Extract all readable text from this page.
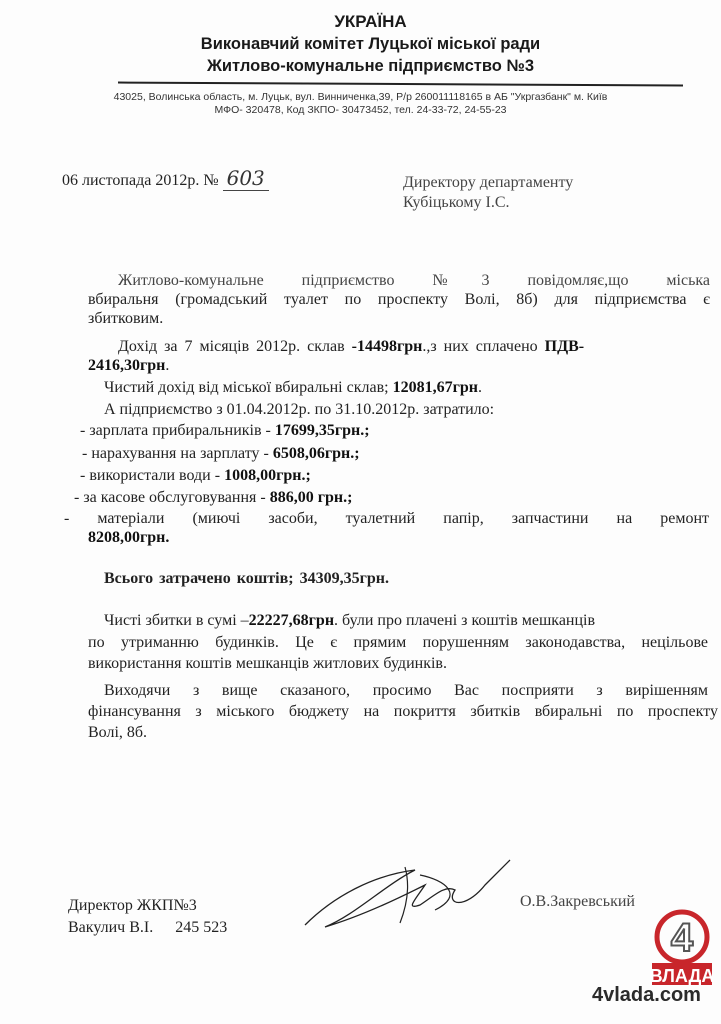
УКРАЇНА
Виконавчий комітет Луцької міської ради
Житлово-комунальне підприємство №3
43025, Волинська область, м. Луцьк, вул. Винниченка,39, Р/р 260011118165 в АБ "Укргазбанк" м. Київ
МФО- 320478, Код ЗКПО- 30473452, тел. 24-33-72, 24-55-23
06 листопада 2012р. № 603	Директору департаменту
Кубіцькому І.С.
Житлово-комунальне підприємство №3 повідомляє,що міська
вбиральня (громадський туалет по проспекту Волі, 8б) для підприємства є
збитковим.
Дохід за 7 місяців 2012р. склав -14498грн.,з них сплачено ПДВ-
2416,30грн.
Чистий дохід від міської вбиральні склав; 12081,67грн.
А підприємство з 01.04.2012р. по 31.10.2012р. затратило:
- зарплата прибиральників - 17699,35грн.;
- нарахування на зарплату - 6508,06грн.;
- використали води - 1008,00грн.;
- за касове обслуговування - 886,00 грн.;
- матеріали (миючі засоби, туалетний папір, запчастини на ремонт
8208,00грн.
Всього затрачено коштів; 34309,35грн.
Чисті збитки в сумі –22227,68грн. були про плачені з коштів мешканців
по утриманню будинків. Це є прямим порушенням законодавства, нецільове
використання коштів мешканців житлових будинків.
Виходячи з вище сказаного, просимо Вас посприяти з вирішенням
фінансування з міського бюджету на покриття збитків вбиральні по проспекту
Волі, 8б.
Директор ЖКП№3
Вакулич В.І. 245 523
О.В.Закревський
4
ВЛАДА
4vlada.com
